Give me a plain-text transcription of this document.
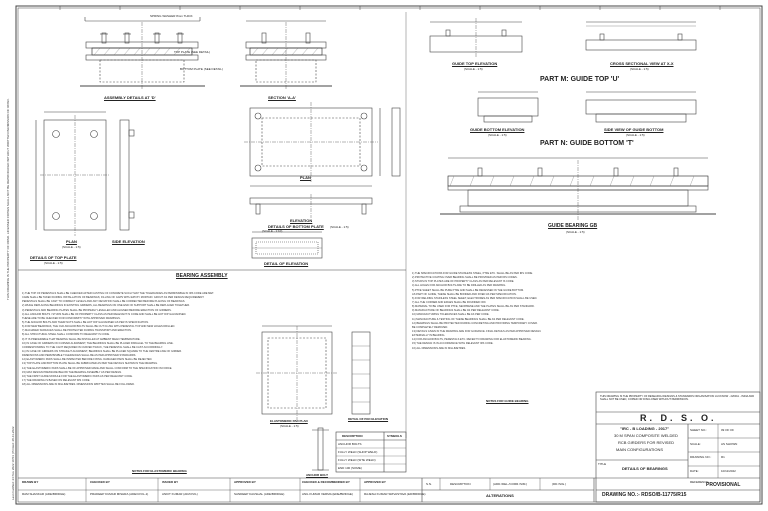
SPRING WASHER 8mm THICK
TOP PLATE (SEE DETAIL)
BOTTOM PLATE (SEE DETAIL)
ASSEMBLY DETAILS AT 'D'	SECTION 'A-A'
PLAN
ELEVATION
DETAILS OF BOTTOM PLATE (SCALE - 1:5)
PLAN
(SCALE - 1:5)
SIDE ELEVATION
DETAILS OF TOP PLATE
(SCALE - 1:5)	DETAIL OF ELEVATION
(SCALE - 1:10)
BEARING ASSEMBLY
1) THE TOP OF PEDESTALS SHALL BE CHECKED AFTER CASTING OF CONCRETE SUCH THAT THE TOLERANCES AS PERMISSIBLE IN IRS CODE ARE MET.
CARE SHALL BE TAKEN DURING INSTALLATION OF BEARINGS; FILLING OF GAPS WITH EPOXY MORTAR / GROUT AS PER DESIGN REQUIREMENT.
PEDESTALS SHALL BE CAST TO CORRECT LEVELS AND ANY DEVIATION SHALL BE CORRECTED BEFORE PLACING OF BEARINGS.
2) WHILE REPLACING BEARINGS IN EXISTING GIRDERS, ALL BEARINGS ON ONE END OF SUPPORT SHALL BE REPLACED TOGETHER.
3) PEDESTALS AND BEARING PLATES SHALL BE PROPERLY LEVELLED AND ALIGNED BEFORE ERECTION OF GIRDERS.
4) ALL ANCHOR BOLTS / STUDS SHALL BE OF PROPERTY CLASS AS PER RELEVANT IS CODE AND SHALL BE HOT DIP GALVANISED.
THESE ARE TO BE CHECKED FOR CONFORMITY WITH APPROVED DRAWINGS.
5) THE ANCHOR BOLTS AND THEIR NUTS SHALL BE HOT DIP GALVANISED AS PER IS SPECIFICATION.
6) FOR NEW BEARINGS, THE OLD ANCHOR BOLTS SHALL BE CUT FLUSH WITH PEDESTAL TOP AND NEW HOLES DRILLED.
7) MACHINED SURFACES SHALL BE PROTECTED DURING TRANSPORT AND ERECTION.
8) ALL STRUCTURAL STEEL SHALL CONFORM TO RELEVANT IS CODE.
9) IT IS PREFERABLE THAT BEARING SHALL BE INSTALLED AT AMBIENT MEAN TEMPERATURE.
10) IN CASE OF GIRDERS ON CURVED ALIGNMENT, THE BEARINGS SHALL BE PLACED PARALLEL TO THE BEARING LINE.
CORRESPONDING TO THE CANT REQUIRED IN CURVED TRACK, THE PEDESTAL SHALL BE CAST ACCORDINGLY.
11) IN CASE OF GIRDERS ON STRAIGHT ALIGNMENT, BEARINGS SHALL BE PLACED SQUARE TO THE CENTRE LINE OF GIRDER.
DIMENSIONS AND PERMISSIBLE TOLERANCES SHALL BE AS PER APPROVED STANDARDS.
12) ELASTOMERIC PADS SHALL BE INSPECTED BEFORE FIXING. DAMAGED PADS SHALL BE REJECTED.
13) TOP PLATE AND BOTTOM PLATE SHALL BE FABRICATED AS PER THE DETAILS SHOWN IN THE DRAWING.
14) THE ELASTOMERIC PADS SHALL BE OF APPROVED MAKE AND SHALL CONFORM TO THE SPECIFICATION IN FORCE.
15) MAX DESIGN PRESSURE BELOW THE BEARING ASSEMBLY AS PER DESIGN.
16) THE FIRST GUIDE MODULE FOR THE ELASTOMERIC PADS AS PER RELEVANT CODE.
17) THE DRAWING IS BASED ON RELEVANT IRS CODE.
18) ALL DIMENSIONS ARE IN MILLIMETRES. DIMENSIONS WRITTEN SHALL BE FOLLOWED.
NOTES FOR ELASTOMERIC BEARING
ELASTOMERIC PAD PLAN
(SCALE - 1:5)
DETAIL OF PAD ELEVATION
ANCHOR BOLT
DESCRIPTION	SYMBOLS
ANCHOR BOLTS
FULLY WELD (SHOP WELD)
FULLY WELD (SITE WELD)
END 100 (SOME)
GUIDE TOP ELEVATION
(SCALE - 1:5)
CROSS SECTIONAL VIEW AT X-X
(SCALE - 1:5)
PART M: GUIDE TOP 'U'
GUIDE BOTTOM ELEVATION
(SCALE - 1:5)
SIDE VIEW OF GUIDE BOTTOM
(SCALE - 1:5)
PART N: GUIDE BOTTOM 'T'
GUIDE BEARING GB
(SCALE - 1:5)
1) THE SPECIFICATIONS FOR GUIDE STAINLESS STEEL, PTFE ETC. SHALL BE AS PER IRS CODE.
2) PROTECTIVE COATING OVER BEARING SHALL BE PROVIDED AS PER IRS CODES.
3) STUDS IN TOP PLATES ARE OF PROPERTY CLASS AS PER RELEVANT IS CODE.
4) ALL HOLES FOR ANCHOR BOLTS ARE TO BE DRILLED AS PER DRAWING.
5) PTFE SHEET SHALL BE PURE PTFE AND SHALL BE RECESSED IN THE GUIDE BOTTOM.
AS PART OF GUIDE, THESE SHALL BE BONDED AND FIXED AS PER SPECIFICATION.
6) FOR WELDING STAINLESS STEEL SHEET, ELECTRODES AS PER SPECIFICATION SHALL BE USED.
7) ALL THE CORNER AND EDGES SHALL BE ROUNDED OFF.
8) MATERIAL TO BE USED FOR PTFE, NEOPRENE AND THE PLATES SHALL BE AS PER STANDARD.
9) MANUFACTURE OF BEARINGS SHALL BE AS PER RELEVANT CODE.
10) MANUFACTURING TOLERANCES SHALL BE AS PER CODE.
11) MANUFACTURE & TESTING OF THESE BEARINGS SHALL BE AS PER RELEVANT CODE.
12) BEARINGS SHALL BE PROTECTED DURING CONCRETING AND PROVIDING TEMPORARY COVER.
BE COMPLETELY REMOVED.
13) DETAILS GIVEN IN THE DRAWING ARE FOR GUIDANCE. FINAL DETAILS AS PER APPROVED DESIGN.
EXTERNALLY IN BEARING.
14) FOR ANCHOR BOLTS, PEDESTALS ETC. REFER TO DRAWING FOR ELASTOMERIC BEARING.
15) THE DESIGN IS IN ACCORDANCE WITH RELEVANT IRS CODE.
16) ALL DIMENSIONS ARE IN MILLIMETRES.
NOTES FOR GUIDE BEARING
THIS DRAWING IS THE PROPERTY OF RESEARCH DESIGNS & STANDARDS ORGANISATION LUCKNOW - 226011 - INDIA AND SHALL NOT BE USED, COPIED OR DISCLOSED WITHOUT PERMISSION.
R. D. S. O.
"IRC - B LOADING - 2017"
30 M SPAN COMPOSITE WELDED
RCB GIRDERS FOR REVISED
MAIN CONFIGURATIONS
TITLE
DETAILS OF BEARINGS
DRAWING NO.:- RDSO/B-11775/R15
SHEET NO.:	09 OF 09
SCALE:	AS SHOWN
DRAWING NO.:	R1
DATE:	10/11/2022
REFERENCE
PROVISIONAL
S.N.	DESCRIPTION	(ADD./DEL./CORR./SIM.)	(DD./SIG.)
ALTERATIONS
DRAWN BY
RAM SHANKAR (ADE/BRIDGE)
CHECKED BY
PRADEEP KUMAR MISHRA (ADE/CIVIL-1)
ISSUED BY
ANKIT KUMAR (AD/CIVIL)
APPROVED BY
SANDEEP KAUSHAL (ADE/BRIDGE)
CHECKED & RECOMMENDED BY
ANIL KUMAR VERMA (EDE/BRIDGE)
APPROVED BY
RAJESH KUMAR SRIVASTAVA (ED/BRIDGE)
THIS DRAWING IS THE PROPERTY OF RDSO. LICENSED COPIES SHALL NOT BE REPRODUCED WITHOUT WRITTEN PERMISSION OF RDSO.
Last modified: 24 Nov 2022 10:53 | Printed: 28-11-2022
